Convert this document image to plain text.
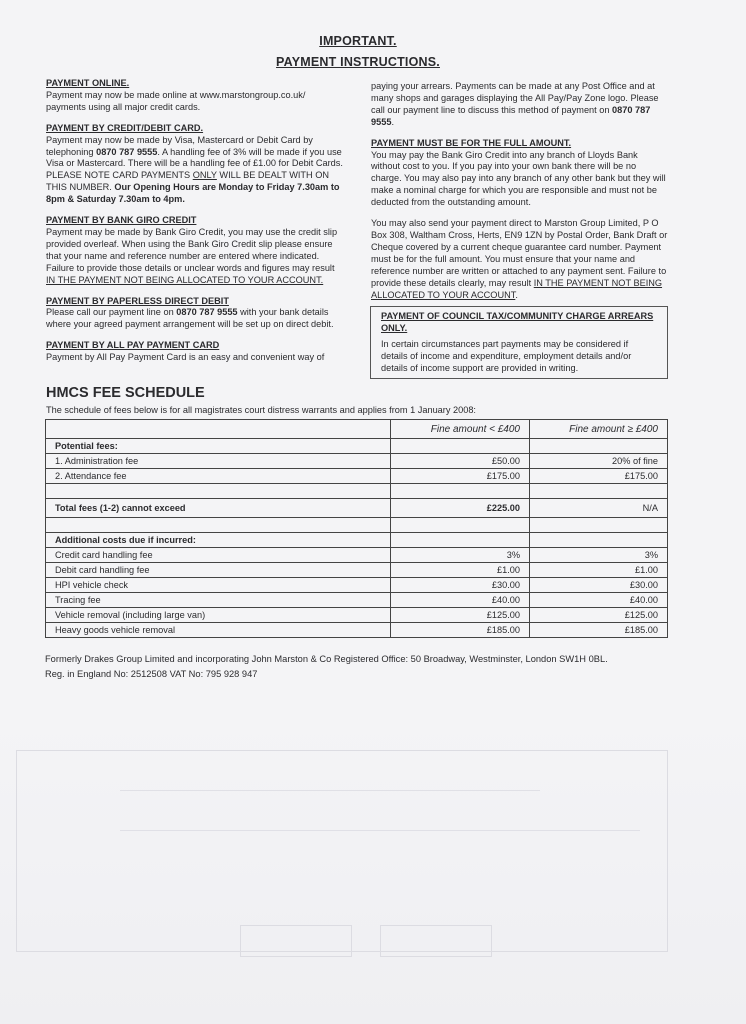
IMPORTANT.
PAYMENT INSTRUCTIONS.

PAYMENT ONLINE.
Payment may now be made online at www.marstongroup.co.uk/ payments using all major credit cards.

PAYMENT BY CREDIT/DEBIT CARD.
Payment may now be made by Visa, Mastercard or Debit Card by telephoning 0870 787 9555. A handling fee of 3% will be made if you use Visa or Mastercard. There will be a handling fee of £1.00 for Debit Cards. PLEASE NOTE CARD PAYMENTS ONLY WILL BE DEALT WITH ON THIS NUMBER. Our Opening Hours are Monday to Friday 7.30am to 8pm & Saturday 7.30am to 4pm.

PAYMENT BY BANK GIRO CREDIT
Payment may be made by Bank Giro Credit, you may use the credit slip provided overleaf. When using the Bank Giro Credit slip please ensure that your name and reference number are entered where indicated. Failure to provide those details or unclear words and figures may result IN THE PAYMENT NOT BEING ALLOCATED TO YOUR ACCOUNT.

PAYMENT BY PAPERLESS DIRECT DEBIT
Please call our payment line on 0870 787 9555 with your bank details where your agreed payment arrangement will be set up on direct debit.

PAYMENT BY ALL PAY PAYMENT CARD
Payment by All Pay Payment Card is an easy and convenient way of

paying your arrears. Payments can be made at any Post Office and at many shops and garages displaying the All Pay/Pay Zone logo. Please call our payment line to discuss this method of payment on 0870 787 9555.

PAYMENT MUST BE FOR THE FULL AMOUNT.
You may pay the Bank Giro Credit into any branch of Lloyds Bank without cost to you. If you pay into your own bank there will be no charge. You may also pay into any branch of any other bank but they will make a nominal charge for which you are responsible and must not be deducted from the outstanding amount.

You may also send your payment direct to Marston Group Limited, P O Box 308, Waltham Cross, Herts, EN9 1ZN by Postal Order, Bank Draft or Cheque covered by a current cheque guarantee card number. Payment must be for the full amount. You must ensure that your name and reference number are written or attached to any payment sent. Failure to provide these details clearly, may result IN THE PAYMENT NOT BEING ALLOCATED TO YOUR ACCOUNT.

PAYMENT OF COUNCIL TAX/COMMUNITY CHARGE ARREARS ONLY.
In certain circumstances part payments may be considered if details of income and expenditure, employment details and/or details of income support are provided in writing.
HMCS FEE SCHEDULE
The schedule of fees below is for all magistrates court distress warrants and applies from 1 January 2008:
	Fine amount < £400	Fine amount ≥ £400
Potential fees:		
1. Administration fee	£50.00	20% of fine
2. Attendance fee	£175.00	£175.00

Total fees (1-2) cannot exceed	£225.00	N/A

Additional costs due if incurred:		
Credit card handling fee	3%	3%
Debit card handling fee	£1.00	£1.00
HPI vehicle check	£30.00	£30.00
Tracing fee	£40.00	£40.00
Vehicle removal (including large van)	£125.00	£125.00
Heavy goods vehicle removal	£185.00	£185.00
Formerly Drakes Group Limited and incorporating John Marston & Co Registered Office: 50 Broadway, Westminster, London SW1H 0BL.
Reg. in England No: 2512508 VAT No: 795 928 947
